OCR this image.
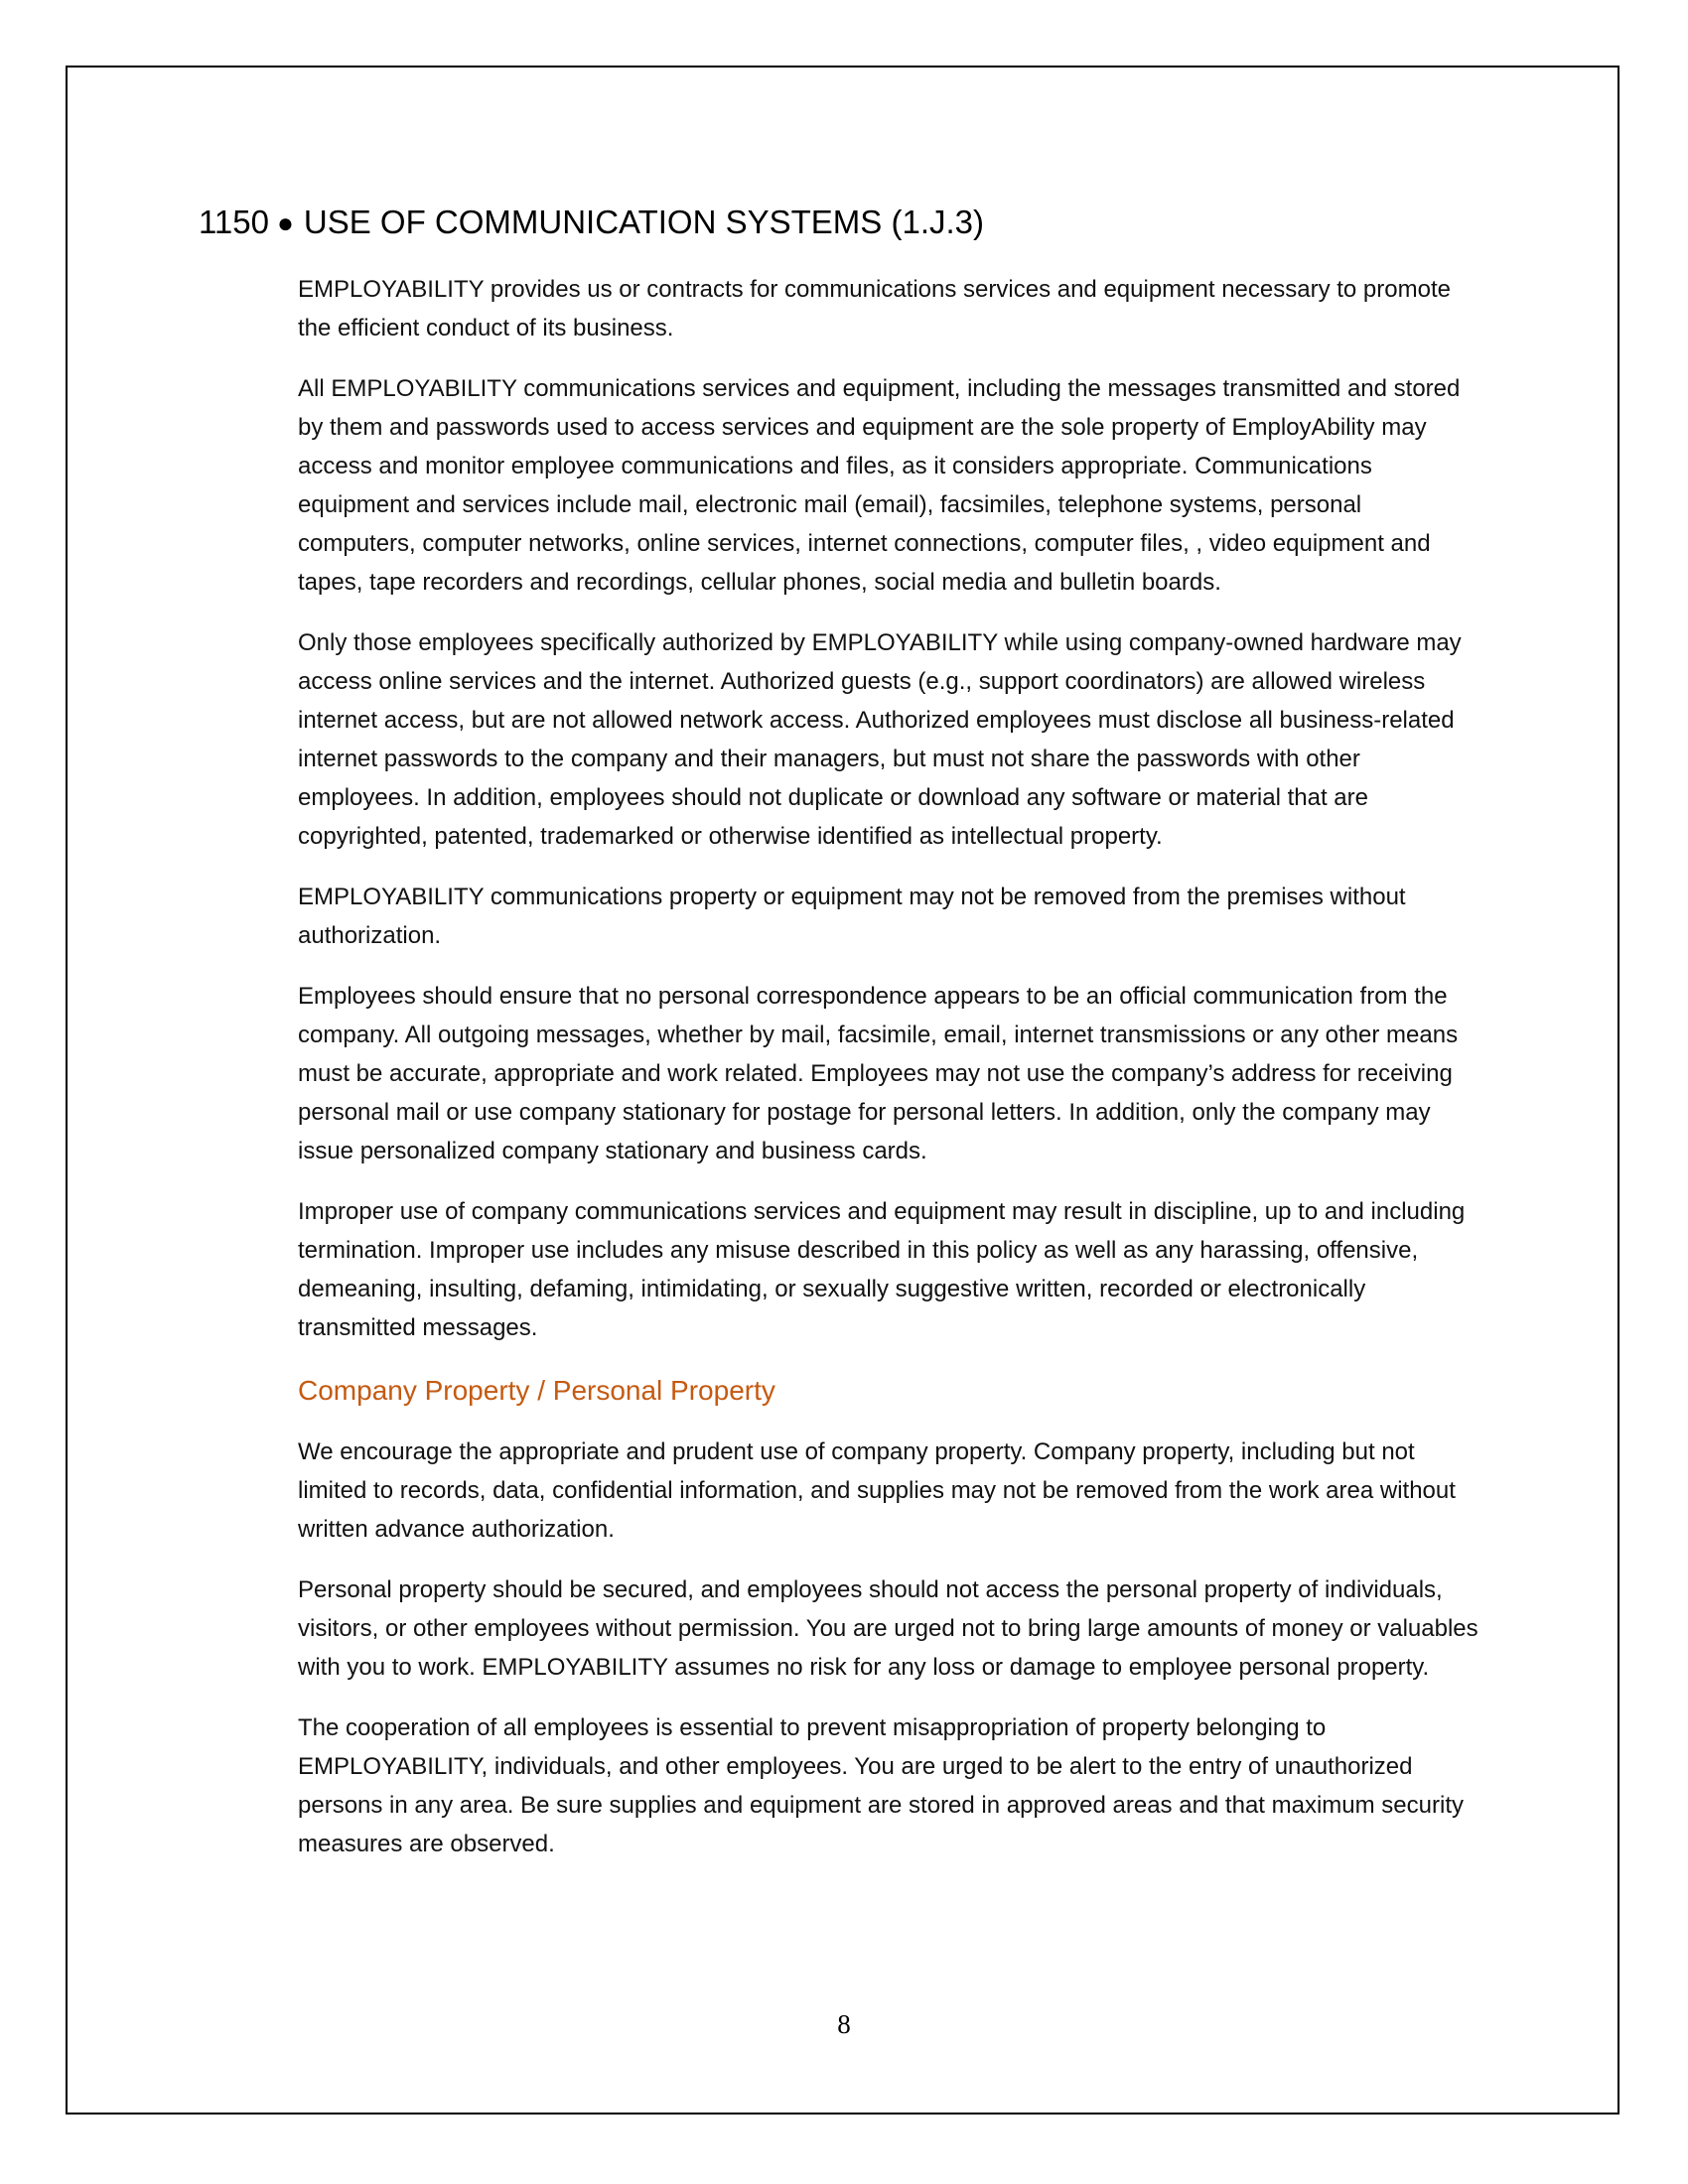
1150 ● USE OF COMMUNICATION SYSTEMS (1.J.3)

EMPLOYABILITY provides us or contracts for communications services and equipment necessary to promote the efficient conduct of its business.

All EMPLOYABILITY communications services and equipment, including the messages transmitted and stored by them and passwords used to access services and equipment are the sole property of EmployAbility may access and monitor employee communications and files, as it considers appropriate. Communications equipment and services include mail, electronic mail (email), facsimiles, telephone systems, personal computers, computer networks, online services, internet connections, computer files, , video equipment and tapes, tape recorders and recordings, cellular phones, social media and bulletin boards.

Only those employees specifically authorized by EMPLOYABILITY while using company-owned hardware may access online services and the internet. Authorized guests (e.g., support coordinators) are allowed wireless internet access, but are not allowed network access. Authorized employees must disclose all business-related internet passwords to the company and their managers, but must not share the passwords with other employees. In addition, employees should not duplicate or download any software or material that are copyrighted, patented, trademarked or otherwise identified as intellectual property.

EMPLOYABILITY communications property or equipment may not be removed from the premises without authorization.

Employees should ensure that no personal correspondence appears to be an official communication from the company. All outgoing messages, whether by mail, facsimile, email, internet transmissions or any other means must be accurate, appropriate and work related. Employees may not use the company’s address for receiving personal mail or use company stationary for postage for personal letters. In addition, only the company may issue personalized company stationary and business cards.

Improper use of company communications services and equipment may result in discipline, up to and including termination. Improper use includes any misuse described in this policy as well as any harassing, offensive, demeaning, insulting, defaming, intimidating, or sexually suggestive written, recorded or electronically transmitted messages.

Company Property / Personal Property

We encourage the appropriate and prudent use of company property. Company property, including but not limited to records, data, confidential information, and supplies may not be removed from the work area without written advance authorization.

Personal property should be secured, and employees should not access the personal property of individuals, visitors, or other employees without permission. You are urged not to bring large amounts of money or valuables with you to work. EMPLOYABILITY assumes no risk for any loss or damage to employee personal property.

The cooperation of all employees is essential to prevent misappropriation of property belonging to EMPLOYABILITY, individuals, and other employees. You are urged to be alert to the entry of unauthorized persons in any area. Be sure supplies and equipment are stored in approved areas and that maximum security measures are observed.

8
